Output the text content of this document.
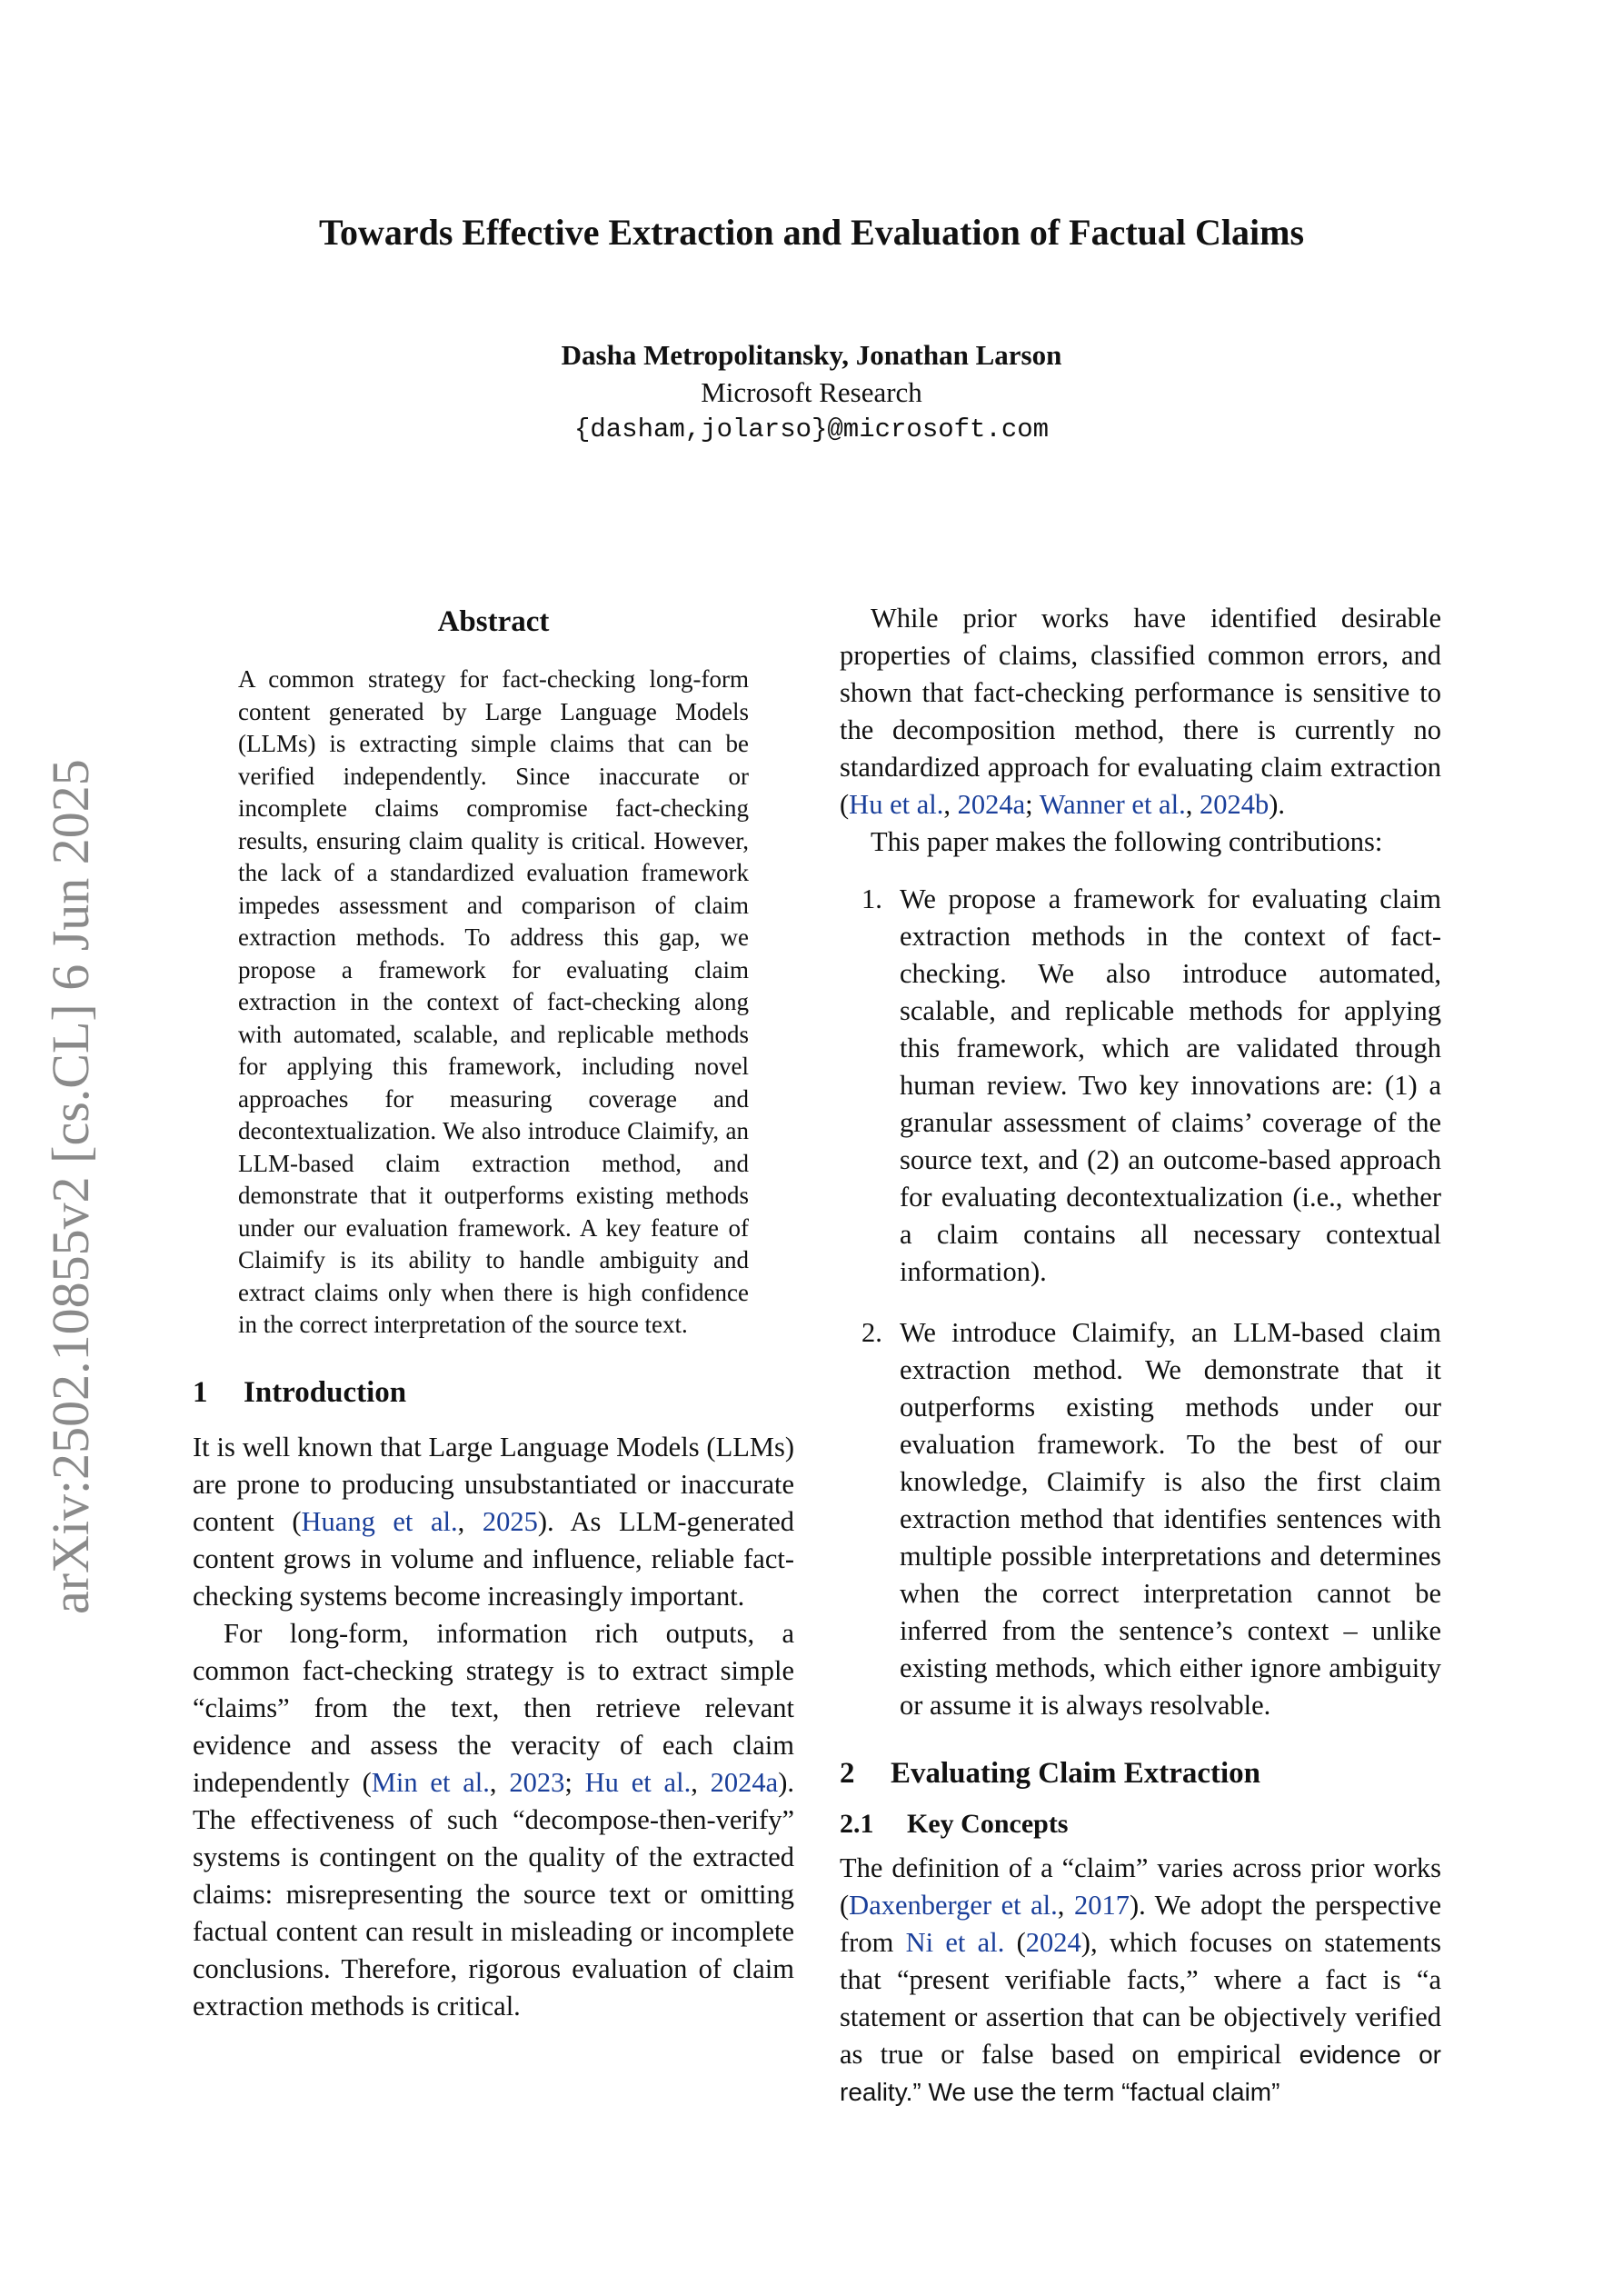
Towards Effective Extraction and Evaluation of Factual Claims
Dasha Metropolitansky, Jonathan Larson
Microsoft Research
{dasham,jolarso}@microsoft.com
arXiv:2502.10855v2 [cs.CL] 6 Jun 2025
Abstract

A common strategy for fact-checking long-form content generated by Large Language Models (LLMs) is extracting simple claims that can be verified independently. Since inaccurate or incomplete claims compromise fact-checking results, ensuring claim quality is critical. However, the lack of a standardized evaluation framework impedes assessment and comparison of claim extraction methods. To address this gap, we propose a framework for evaluating claim extraction in the context of fact-checking along with automated, scalable, and replicable methods for applying this framework, including novel approaches for measuring coverage and decontextualization. We also introduce Claimify, an LLM-based claim extraction method, and demonstrate that it outperforms existing methods under our evaluation framework. A key feature of Claimify is its ability to handle ambiguity and extract claims only when there is high confidence in the correct interpretation of the source text.

1 Introduction

It is well known that Large Language Models (LLMs) are prone to producing unsubstantiated or inaccurate content (Huang et al., 2025). As LLM-generated content grows in volume and influence, reliable fact-checking systems become increasingly important.

For long-form, information rich outputs, a common fact-checking strategy is to extract simple “claims” from the text, then retrieve relevant evidence and assess the veracity of each claim independently (Min et al., 2023; Hu et al., 2024a). The effectiveness of such “decompose-then-verify” systems is contingent on the quality of the extracted claims: misrepresenting the source text or omitting factual content can result in misleading or incomplete conclusions. Therefore, rigorous evaluation of claim extraction methods is critical.

While prior works have identified desirable properties of claims, classified common errors, and shown that fact-checking performance is sensitive to the decomposition method, there is currently no standardized approach for evaluating claim extraction (Hu et al., 2024a; Wanner et al., 2024b).

This paper makes the following contributions:

1. We propose a framework for evaluating claim extraction methods in the context of fact-checking. We also introduce automated, scalable, and replicable methods for applying this framework, which are validated through human review. Two key innovations are: (1) a granular assessment of claims’ coverage of the source text, and (2) an outcome-based approach for evaluating decontextualization (i.e., whether a claim contains all necessary contextual information).
2. We introduce Claimify, an LLM-based claim extraction method. We demonstrate that it outperforms existing methods under our evaluation framework. To the best of our knowledge, Claimify is also the first claim extraction method that identifies sentences with multiple possible interpretations and determines when the correct interpretation cannot be inferred from the sentence’s context – unlike existing methods, which either ignore ambiguity or assume it is always resolvable.
2 Evaluating Claim Extraction
2.1 Key Concepts

The definition of a “claim” varies across prior works (Daxenberger et al., 2017). We adopt the perspective from Ni et al. (2024), which focuses on statements that “present verifiable facts,” where a fact is “a statement or assertion that can be objectively verified as true or false based on empirical evidence or reality.” We use the term “factual claim”
